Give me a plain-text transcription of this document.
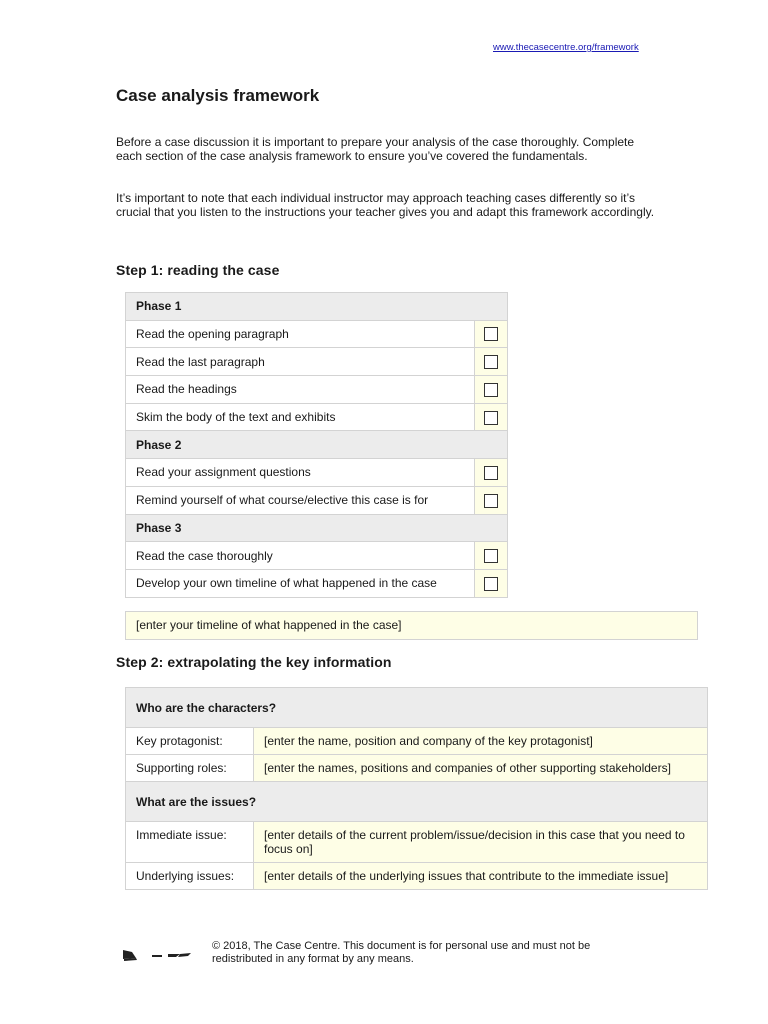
www.thecasecentre.org/framework
Case analysis framework

Before a case discussion it is important to prepare your analysis of the case thoroughly. Complete each section of the case analysis framework to ensure you’ve covered the fundamentals.

It’s important to note that each individual instructor may approach teaching cases differently so it’s crucial that you listen to the instructions your teacher gives you and adapt this framework accordingly.

Step 1: reading the case
Phase 1	
Read the opening paragraph	
Read the last paragraph	
Read the headings	
Skim the body of the text and exhibits	
Phase 2	
Read your assignment questions	
Remind yourself of what course/elective this case is for	
Phase 3	
Read the case thoroughly	
Develop your own timeline of what happened in the case	
[enter your timeline of what happened in the case]
Step 2: extrapolating the key information
Who are the characters?	
Key protagonist:	[enter the name, position and company of the key protagonist]
Supporting roles:	[enter the names, positions and companies of other supporting stakeholders]
What are the issues?	
Immediate issue:	[enter details of the current problem/issue/decision in this case that you need to focus on]
Underlying issues:	[enter details of the underlying issues that contribute to the immediate issue]

© 2018, The Case Centre. This document is for personal use and must not be redistributed in any format by any means.
